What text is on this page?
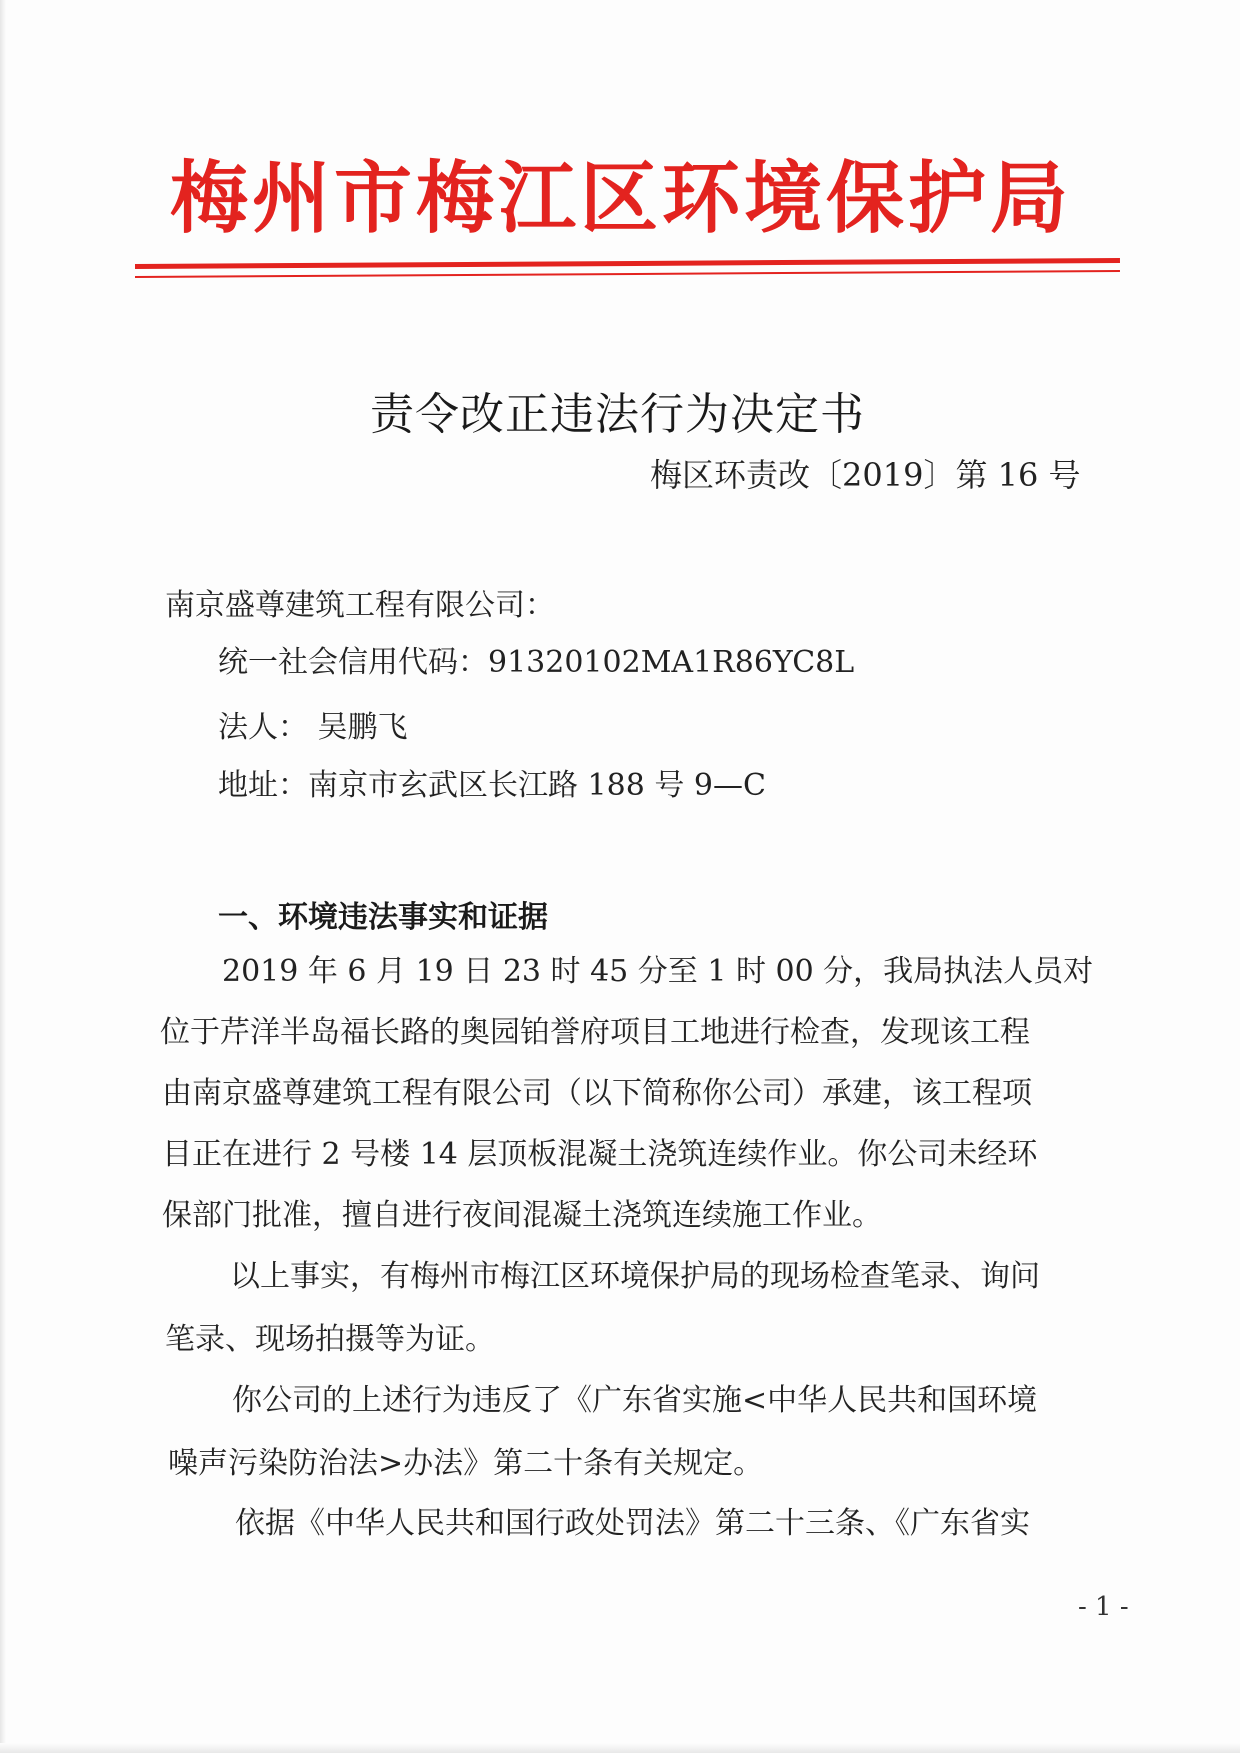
梅州市梅江区环境保护局
责令改正违法行为决定书
梅区环责改〔2019〕第 16 号
南京盛尊建筑工程有限公司：
统一社会信用代码：91320102MA1R86YC8L
法人： 吴鹏飞
地址：南京市玄武区长江路 188 号 9—C
一、环境违法事实和证据
2019 年 6 月 19 日 23 时 45 分至 1 时 00 分，我局执法人员对
位于芹洋半岛福长路的奥园铂誉府项目工地进行检查，发现该工程
由南京盛尊建筑工程有限公司（以下简称你公司）承建，该工程项
目正在进行 2 号楼 14 层顶板混凝土浇筑连续作业。你公司未经环
保部门批准，擅自进行夜间混凝土浇筑连续施工作业。
以上事实，有梅州市梅江区环境保护局的现场检查笔录、询问
笔录、现场拍摄等为证。
你公司的上述行为违反了《广东省实施<中华人民共和国环境
噪声污染防治法>办法》第二十条有关规定。
依据《中华人民共和国行政处罚法》第二十三条、《广东省实
- 1 -
